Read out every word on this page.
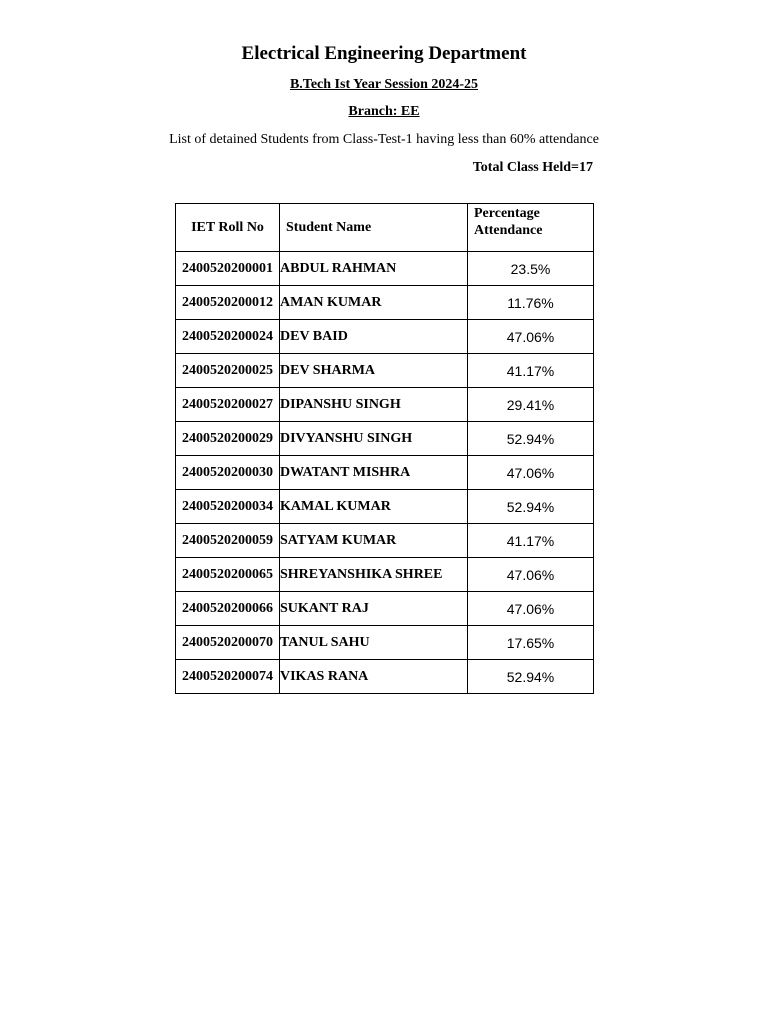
Electrical Engineering Department
B.Tech Ist Year Session 2024-25
Branch: EE
List of detained Students from Class-Test-1 having less than 60% attendance
Total Class Held=17
IET Roll No	Student Name	Percentage
Attendance
2400520200001	ABDUL RAHMAN	23.5%
2400520200012	AMAN KUMAR	11.76%
2400520200024	DEV BAID	47.06%
2400520200025	DEV SHARMA	41.17%
2400520200027	DIPANSHU SINGH	29.41%
2400520200029	DIVYANSHU SINGH	52.94%
2400520200030	DWATANT MISHRA	47.06%
2400520200034	KAMAL KUMAR	52.94%
2400520200059	SATYAM KUMAR	41.17%
2400520200065	SHREYANSHIKA SHREE	47.06%
2400520200066	SUKANT RAJ	47.06%
2400520200070	TANUL SAHU	17.65%
2400520200074	VIKAS RANA	52.94%
